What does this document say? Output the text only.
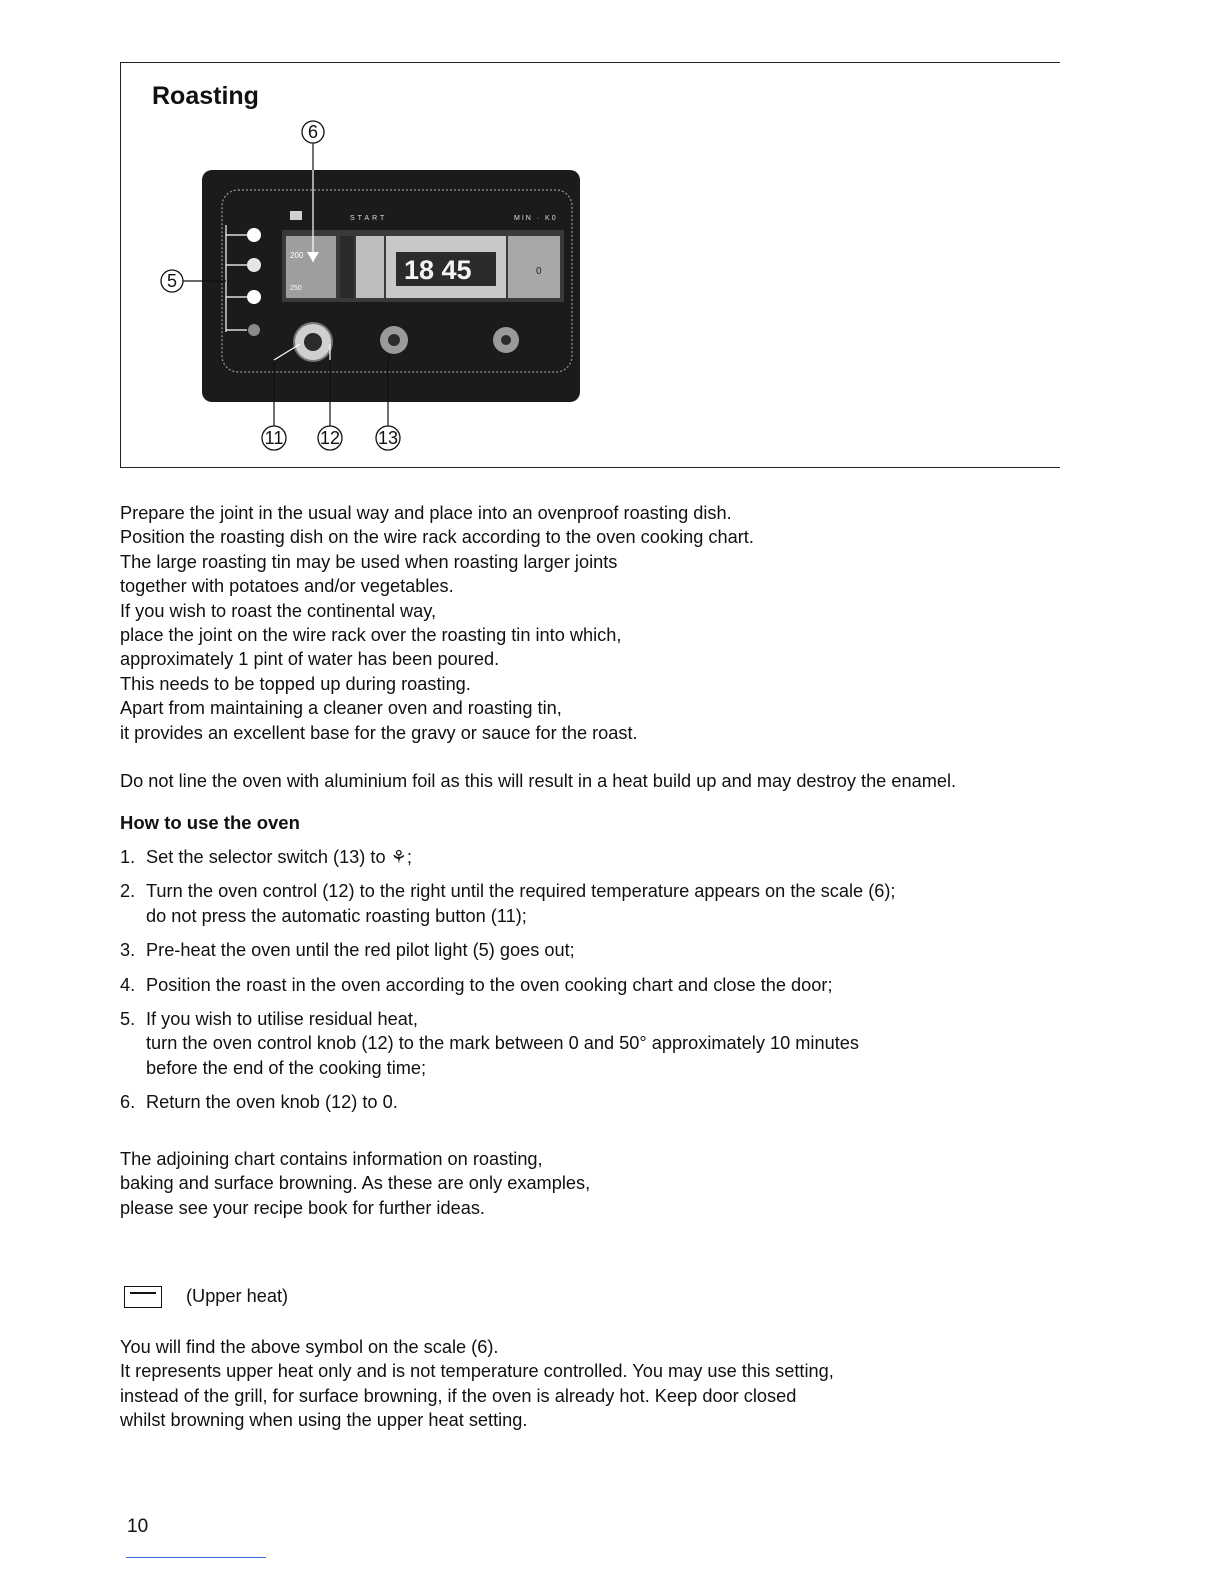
Roasting
18 45
200
250
0
START	MIN · K0
6
5
11 12 13
Prepare the joint in the usual way and place into an ovenproof roasting dish.
Position the roasting dish on the wire rack according to the oven cooking chart.
The large roasting tin may be used when roasting larger joints
together with potatoes and/or vegetables.
If you wish to roast the continental way,
place the joint on the wire rack over the roasting tin into which,
approximately 1 pint of water has been poured.
This needs to be topped up during roasting.
Apart from maintaining a cleaner oven and roasting tin,
it provides an excellent base for the gravy or sauce for the roast.

Do not line the oven with aluminium foil as this will result in a heat build up and may destroy the enamel.

How to use the oven
1. Set the selector switch (13) to ⚘;
2. Turn the oven control (12) to the right until the required temperature appears on the scale (6);
do not press the automatic roasting button (11);
3. Pre-heat the oven until the red pilot light (5) goes out;
4. Position the roast in the oven according to the oven cooking chart and close the door;
5. If you wish to utilise residual heat,
turn the oven control knob (12) to the mark between 0 and 50° approximately 10 minutes
before the end of the cooking time;
6. Return the oven knob (12) to 0.
The adjoining chart contains information on roasting,
baking and surface browning. As these are only examples,
please see your recipe book for further ideas.

(Upper heat)

You will find the above symbol on the scale (6).
It represents upper heat only and is not temperature controlled. You may use this setting,
instead of the grill, for surface browning, if the oven is already hot. Keep door closed
whilst browning when using the upper heat setting.

10
